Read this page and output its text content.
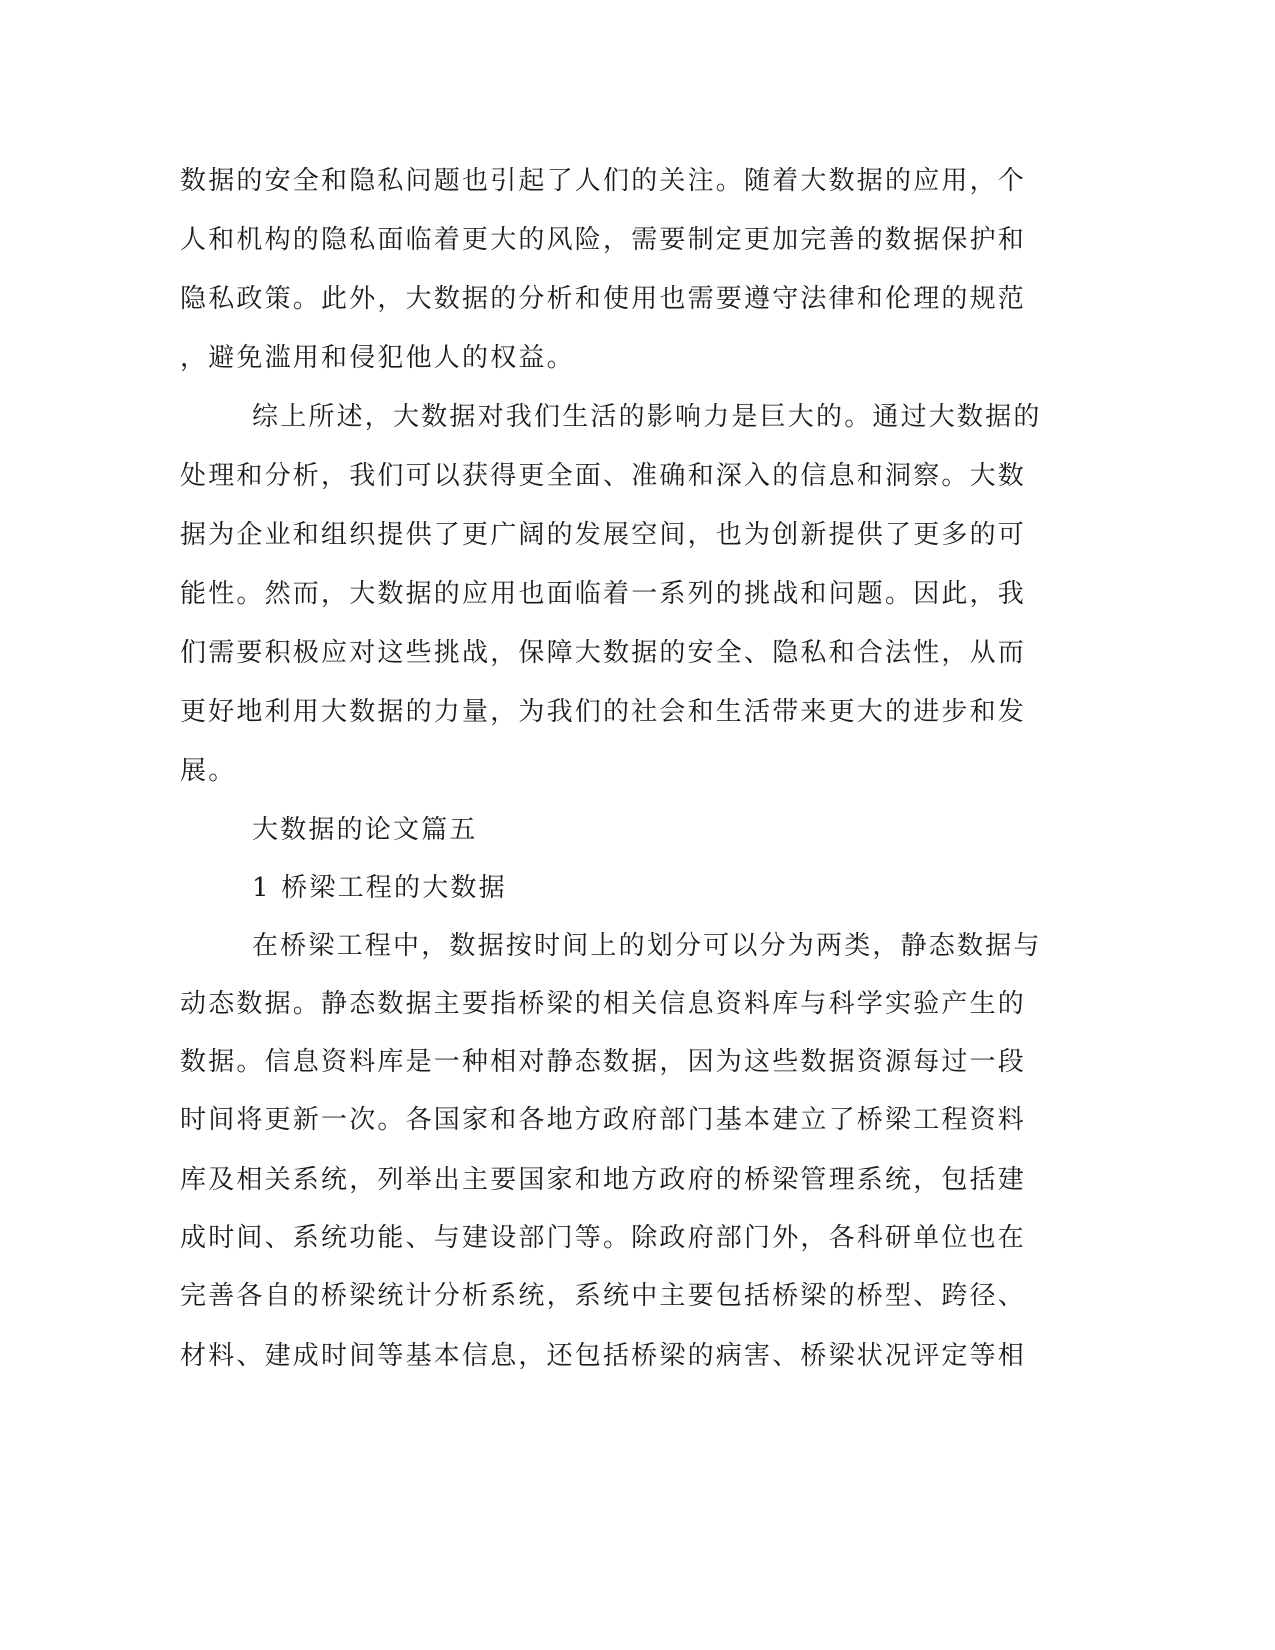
数据的安全和隐私问题也引起了人们的关注。随着大数据的应用，个
人和机构的隐私面临着更大的风险，需要制定更加完善的数据保护和
隐私政策。此外，大数据的分析和使用也需要遵守法律和伦理的规范
，避免滥用和侵犯他人的权益。
综上所述，大数据对我们生活的影响力是巨大的。通过大数据的
处理和分析，我们可以获得更全面、准确和深入的信息和洞察。大数
据为企业和组织提供了更广阔的发展空间，也为创新提供了更多的可
能性。然而，大数据的应用也面临着一系列的挑战和问题。因此，我
们需要积极应对这些挑战，保障大数据的安全、隐私和合法性，从而
更好地利用大数据的力量，为我们的社会和生活带来更大的进步和发
展。
大数据的论文篇五
1 桥梁工程的大数据
在桥梁工程中，数据按时间上的划分可以分为两类，静态数据与
动态数据。静态数据主要指桥梁的相关信息资料库与科学实验产生的
数据。信息资料库是一种相对静态数据，因为这些数据资源每过一段
时间将更新一次。各国家和各地方政府部门基本建立了桥梁工程资料
库及相关系统，列举出主要国家和地方政府的桥梁管理系统，包括建
成时间、系统功能、与建设部门等。除政府部门外，各科研单位也在
完善各自的桥梁统计分析系统，系统中主要包括桥梁的桥型、跨径、
材料、建成时间等基本信息，还包括桥梁的病害、桥梁状况评定等相
